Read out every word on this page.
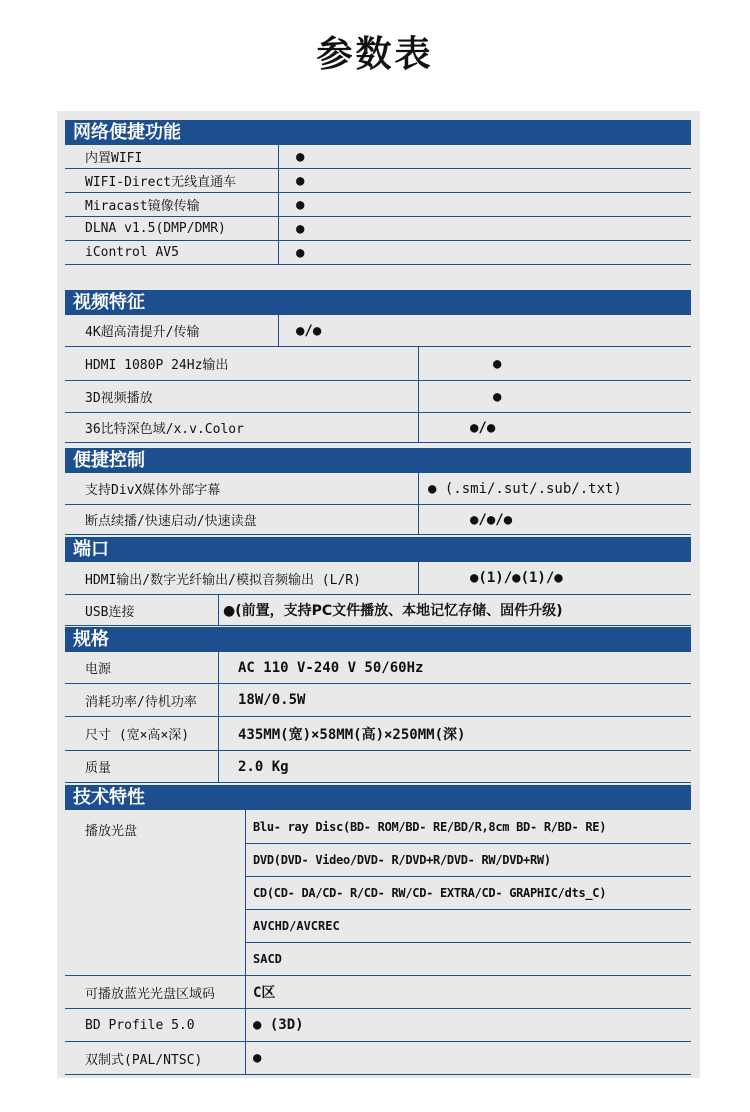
参数表
网络便捷功能
内置WIFI	●
WIFI-Direct无线直通车	●
Miracast镜像传输	●
DLNA v1.5(DMP/DMR)	●
iControl AV5	●
视频特征
4K超高清提升/传输	●/●
HDMI 1080P 24Hz输出	●
3D视频播放	●
36比特深色域/x.v.Color	●/●
便捷控制
支持DivX媒体外部字幕	● (.smi/.sut/.sub/.txt)
断点续播/快速启动/快速读盘	●/●/●
端口
HDMI输出/数字光纤输出/模拟音频输出 (L/R)	●(1)/●(1)/●
USB连接	●(前置，支持PC文件播放、本地记忆存储、固件升级)
规格
电源	AC 110 V-240 V 50/60Hz
消耗功率/待机功率	18W/0.5W
尺寸 (宽×高×深)	435MM(宽)×58MM(高)×250MM(深)
质量	2.0 Kg
技术特性
播放光盘	Blu- ray Disc(BD- ROM/BD- RE/BD/R,8cm BD- R/BD- RE)
DVD(DVD- Video/DVD- R/DVD+R/DVD- RW/DVD+RW)
CD(CD- DA/CD- R/CD- RW/CD- EXTRA/CD- GRAPHIC/dts_C)
AVCHD/AVCREC
SACD
可播放蓝光光盘区域码	C区
BD Profile 5.0	● (3D)
双制式(PAL/NTSC)	●
